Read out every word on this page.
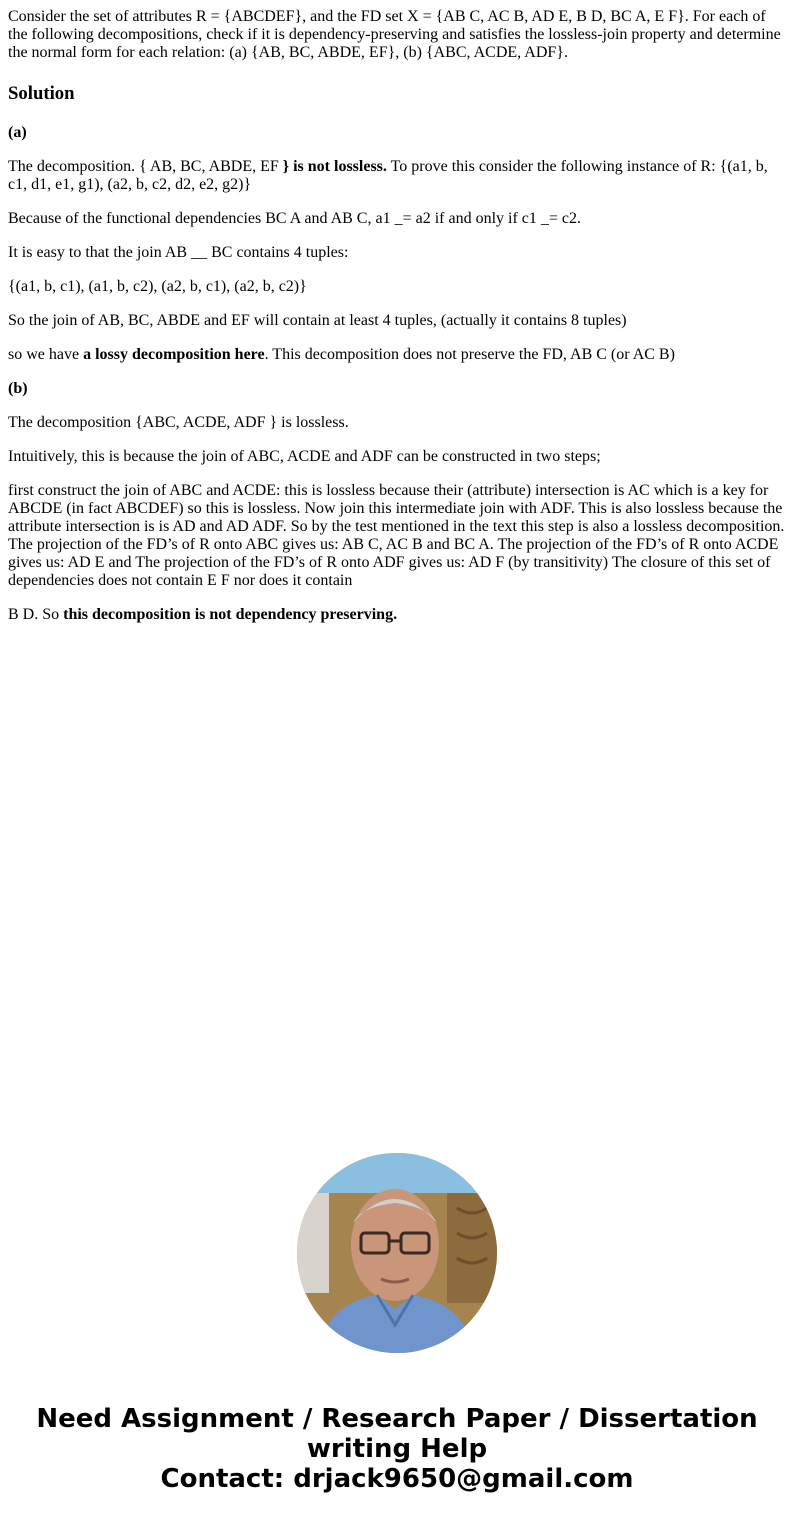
Consider the set of attributes R = {ABCDEF}, and the FD set X = {AB C, AC B, AD E, B D, BC A, E F}. For each of the following decompositions, check if it is dependency-preserving and satisfies the lossless-join property and determine the normal form for each relation: (a) {AB, BC, ABDE, EF}, (b) {ABC, ACDE, ADF}.

Solution

(a)

The decomposition. { AB, BC, ABDE, EF } is not lossless. To prove this consider the following instance of R: {(a1, b, c1, d1, e1, g1), (a2, b, c2, d2, e2, g2)}

Because of the functional dependencies BC A and AB C, a1 _= a2 if and only if c1 _= c2.

It is easy to that the join AB __ BC contains 4 tuples:

{(a1, b, c1), (a1, b, c2), (a2, b, c1), (a2, b, c2)}

So the join of AB, BC, ABDE and EF will contain at least 4 tuples, (actually it contains 8 tuples)

so we have a lossy decomposition here. This decomposition does not preserve the FD, AB C (or AC B)

(b)

The decomposition {ABC, ACDE, ADF } is lossless.

Intuitively, this is because the join of ABC, ACDE and ADF can be constructed in two steps;

first construct the join of ABC and ACDE: this is lossless because their (attribute) intersection is AC which is a key for ABCDE (in fact ABCDEF) so this is lossless. Now join this intermediate join with ADF. This is also lossless because the attribute intersection is is AD and AD ADF. So by the test mentioned in the text this step is also a lossless decomposition. The projection of the FD’s of R onto ABC gives us: AB C, AC B and BC A. The projection of the FD’s of R onto ACDE gives us: AD E and The projection of the FD’s of R onto ADF gives us: AD F (by transitivity) The closure of this set of dependencies does not contain E F nor does it contain

B D. So this decomposition is not dependency preserving.

Need Assignment / Research Paper / Dissertation
writing Help
Contact: drjack9650@gmail.com
